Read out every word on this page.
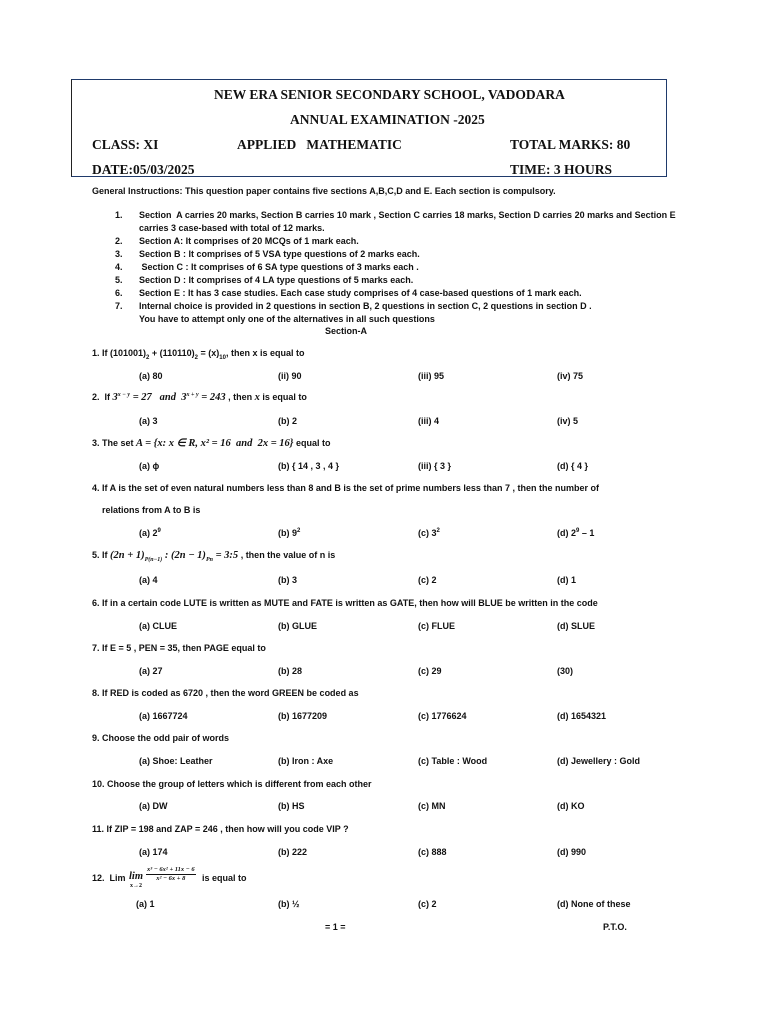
NEW ERA SENIOR SECONDARY SCHOOL, VADODARA
ANNUAL EXAMINATION -2025
CLASS: XI	APPLIED   MATHEMATIC	TOTAL MARKS: 80
DATE:05/03/2025	TIME: 3 HOURS
General Instructions: This question paper contains five sections A,B,C,D and E. Each section is compulsory.
1. Section  A carries 20 marks, Section B carries 10 mark , Section C carries 18 marks, Section D carries 20 marks and Section E
carries 3 case-based with total of 12 marks.
2. Section A: It comprises of 20 MCQs of 1 mark each.
3. Section B : It comprises of 5 VSA type questions of 2 marks each.
4. Section C : It comprises of 6 SA type questions of 3 marks each .
5. Section D : It comprises of 4 LA type questions of 5 marks each.
6. Section E : It has 3 case studies. Each case study comprises of 4 case-based questions of 1 mark each.
7. Internal choice is provided in 2 questions in section B, 2 questions in section C, 2 questions in section D .
You have to attempt only one of the alternatives in all such questions
Section-A
1. If $(101001)_2 + (110110)_2 = (x)_{10}$, then x is equal to
(a) 80	(ii) 90	(iii) 95	(iv) 75
2.  If $3^{x - y} = 27$   and  $3^{x + y} = 243$ , then x is equal to
(a) 3	(b) 2	(iii) 4	(iv) 5
3. The set A = {x: x ∈ R, x² = 16  and  2x = 16} equal to
(a) ϕ	(b) { 14 , 3 , 4 }	(iii) { 3 }	(d) { 4 }
4. If A is the set of even natural numbers less than 8 and B is the set of prime numbers less than 7 , then the number of
relations from A to B is
(a) $2^9$	(b) $9^2$	(c) $3^2$	(d) $2^9 - 1$
5. If $(2n + 1)_{P(n-1)}$ : $(2n - 1)_{Pn}$ = 3:5 , then the value of n is
(a) 4	(b) 3	(c) 2	(d) 1
6. If in a certain code LUTE is written as MUTE and FATE is written as GATE, then how will BLUE be written in the code
(a) CLUE	(b) GLUE	(c) FLUE	(d) SLUE
7. If E = 5 , PEN = 35, then PAGE equal to
(a) 27	(b) 28	(c) 29	(30)
8. If RED is coded as 6720 , then the word GREEN be coded as
(a) 1667724	(b) 1677209	(c) 1776624	(d) 1654321
9. Choose the odd pair of words
(a) Shoe: Leather	(b) Iron : Axe	(c) Table : Wood	(d) Jewellery : Gold
10. Choose the group of letters which is different from each other
(a) DW	(b) HS	(c) MN	(d) KO
11. If ZIP = 198 and ZAP = 246 , then how will you code VIP ?
(a) 174	(b) 222	(c) 888	(d) 990
12.  Lim lim
x→2
x³ − 6x² + 11x − 6
x² − 6x + 8	is equal to
(a) 1	(b) ½	(c) 2	(d) None of these
= 1 =	P.T.O.
